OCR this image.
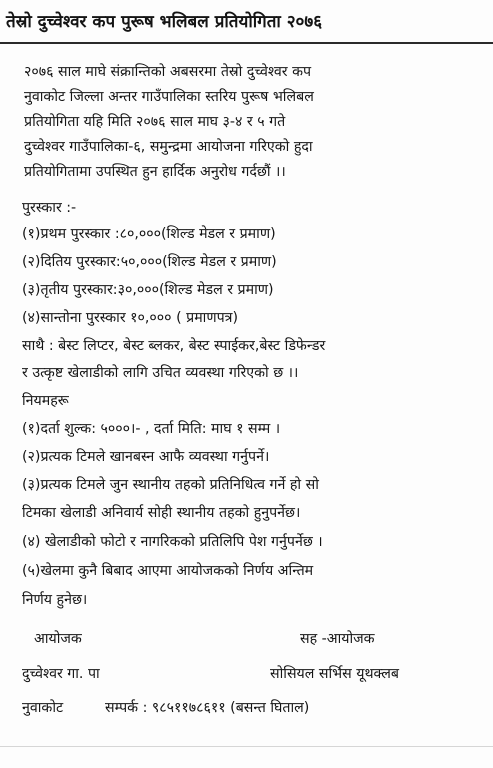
तेस्रो दुच्वेश्वर कप पुरूष भलिबल प्रतियोगिता २०७६
२०७६ साल माघे संक्रान्तिको अबसरमा तेस्रो दुच्वेश्वर कप
नुवाकोट जिल्ला अन्तर गाउँपालिका स्तरिय पुरूष भलिबल
प्रतियोगिता यहि मिति २०७६ साल माघ ३-४ र ५ गते
दुच्वेश्वर गाउँपालिका-६, समुन्द्रमा आयोजना गरिएको हुदा
प्रतियोगितामा उपस्थित हुन हार्दिक अनुरोध गर्दछौं ।।
पुरस्कार :-
(१)प्रथम पुरस्कार :८०,०००(शिल्ड मेडल र प्रमाण)
(२)दितिय पुरस्कार:५०,०००(शिल्ड मेडल र प्रमाण)
(३)तृतीय पुरस्कार:३०,०००(शिल्ड मेडल र प्रमाण)
(४)सान्तोना पुरस्कार १०,००० ( प्रमाणपत्र)
साथै : बेस्ट लिप्टर, बेस्ट ब्लकर, बेस्ट स्पाईकर,बेस्ट डिफेन्डर
र उत्कृष्ट खेलाडीको लागि उचित व्यवस्था गरिएको छ ।।
नियमहरू
(१)दर्ता शुल्क: ५०००।- , दर्ता मिति: माघ १ सम्म ।
(२)प्रत्यक टिमले खानबस्न आफै व्यवस्था गर्नुपर्ने।
(३)प्रत्यक टिमले जुन स्थानीय तहको प्रतिनिधित्व गर्ने हो सो
टिमका खेलाडी अनिवार्य सोही स्थानीय तहको हुनुपर्नेछ।
(४) खेलाडीको फोटो र नागरिकको प्रतिलिपि पेश गर्नुपर्नेछ ।
(५)खेलमा कुनै बिबाद आएमा आयोजकको निर्णय अन्तिम
निर्णय हुनेछ।
आयोजक	सह -आयोजक
दुच्वेश्वर गा. पा	सोसियल सर्भिस यूथक्लब
नुवाकोट	सम्पर्क : ९८५११७८६११ (बसन्त घिताल)
